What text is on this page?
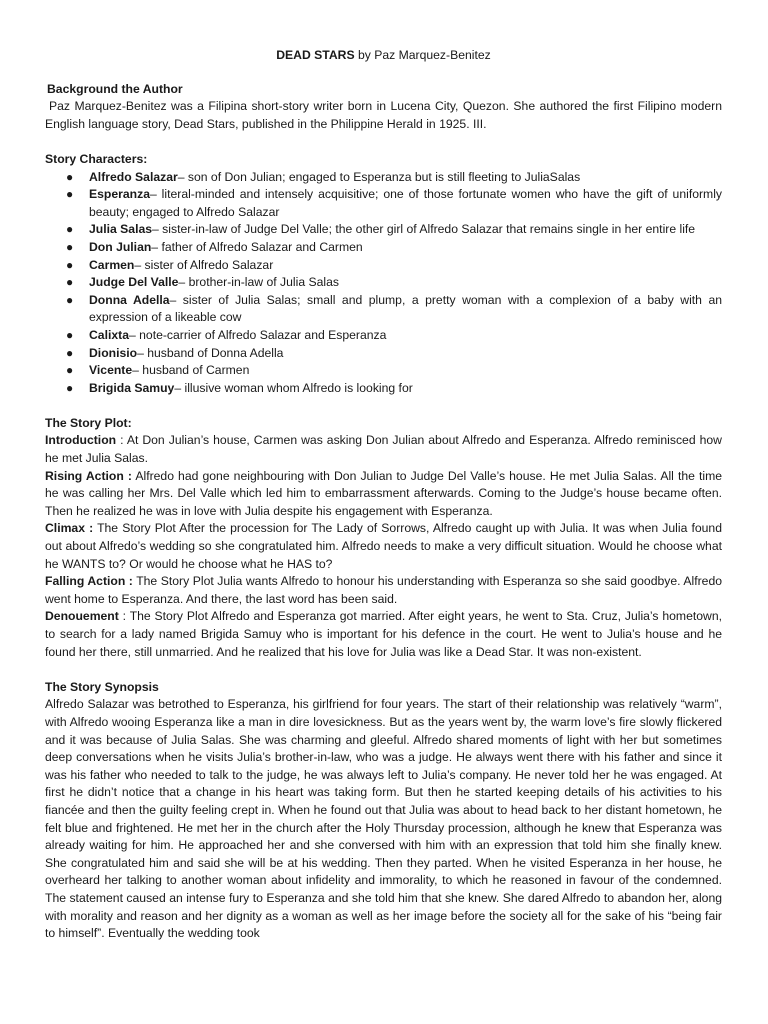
DEAD STARS by Paz Marquez-Benitez
Background the Author

Paz Marquez-Benitez was a Filipina short-story writer born in Lucena City, Quezon. She authored the first Filipino modern English language story, Dead Stars, published in the Philippine Herald in 1925. III.

Story Characters:
● Alfredo Salazar– son of Don Julian; engaged to Esperanza but is still fleeting to JuliaSalas
● Esperanza– literal-minded and intensely acquisitive; one of those fortunate women who have the gift of uniformly beauty; engaged to Alfredo Salazar
● Julia Salas– sister-in-law of Judge Del Valle; the other girl of Alfredo Salazar that remains single in her entire life
● Don Julian– father of Alfredo Salazar and Carmen
● Carmen– sister of Alfredo Salazar
● Judge Del Valle– brother-in-law of Julia Salas
● Donna Adella– sister of Julia Salas; small and plump, a pretty woman with a complexion of a baby with an expression of a likeable cow
● Calixta– note-carrier of Alfredo Salazar and Esperanza
● Dionisio– husband of Donna Adella
● Vicente– husband of Carmen
● Brigida Samuy– illusive woman whom Alfredo is looking for
The Story Plot:

Introduction : At Don Julian’s house, Carmen was asking Don Julian about Alfredo and Esperanza. Alfredo reminisced how he met Julia Salas.

Rising Action : Alfredo had gone neighbouring with Don Julian to Judge Del Valle’s house. He met Julia Salas. All the time he was calling her Mrs. Del Valle which led him to embarrassment afterwards. Coming to the Judge’s house became often. Then he realized he was in love with Julia despite his engagement with Esperanza.

Climax : The Story Plot After the procession for The Lady of Sorrows, Alfredo caught up with Julia. It was when Julia found out about Alfredo’s wedding so she congratulated him. Alfredo needs to make a very difficult situation. Would he choose what he WANTS to? Or would he choose what he HAS to?

Falling Action : The Story Plot Julia wants Alfredo to honour his understanding with Esperanza so she said goodbye. Alfredo went home to Esperanza. And there, the last word has been said.

Denouement : The Story Plot Alfredo and Esperanza got married. After eight years, he went to Sta. Cruz, Julia’s hometown, to search for a lady named Brigida Samuy who is important for his defence in the court. He went to Julia’s house and he found her there, still unmarried. And he realized that his love for Julia was like a Dead Star. It was non-existent.

The Story Synopsis

Alfredo Salazar was betrothed to Esperanza, his girlfriend for four years. The start of their relationship was relatively “warm”, with Alfredo wooing Esperanza like a man in dire lovesickness. But as the years went by, the warm love’s fire slowly flickered and it was because of Julia Salas. She was charming and gleeful. Alfredo shared moments of light with her but sometimes deep conversations when he visits Julia’s brother-in-law, who was a judge. He always went there with his father and since it was his father who needed to talk to the judge, he was always left to Julia’s company. He never told her he was engaged. At first he didn’t notice that a change in his heart was taking form. But then he started keeping details of his activities to his fiancée and then the guilty feeling crept in. When he found out that Julia was about to head back to her distant hometown, he felt blue and frightened. He met her in the church after the Holy Thursday procession, although he knew that Esperanza was already waiting for him. He approached her and she conversed with him with an expression that told him she finally knew. She congratulated him and said she will be at his wedding. Then they parted. When he visited Esperanza in her house, he overheard her talking to another woman about infidelity and immorality, to which he reasoned in favour of the condemned. The statement caused an intense fury to Esperanza and she told him that she knew. She dared Alfredo to abandon her, along with morality and reason and her dignity as a woman as well as her image before the society all for the sake of his “being fair to himself”. Eventually the wedding took
